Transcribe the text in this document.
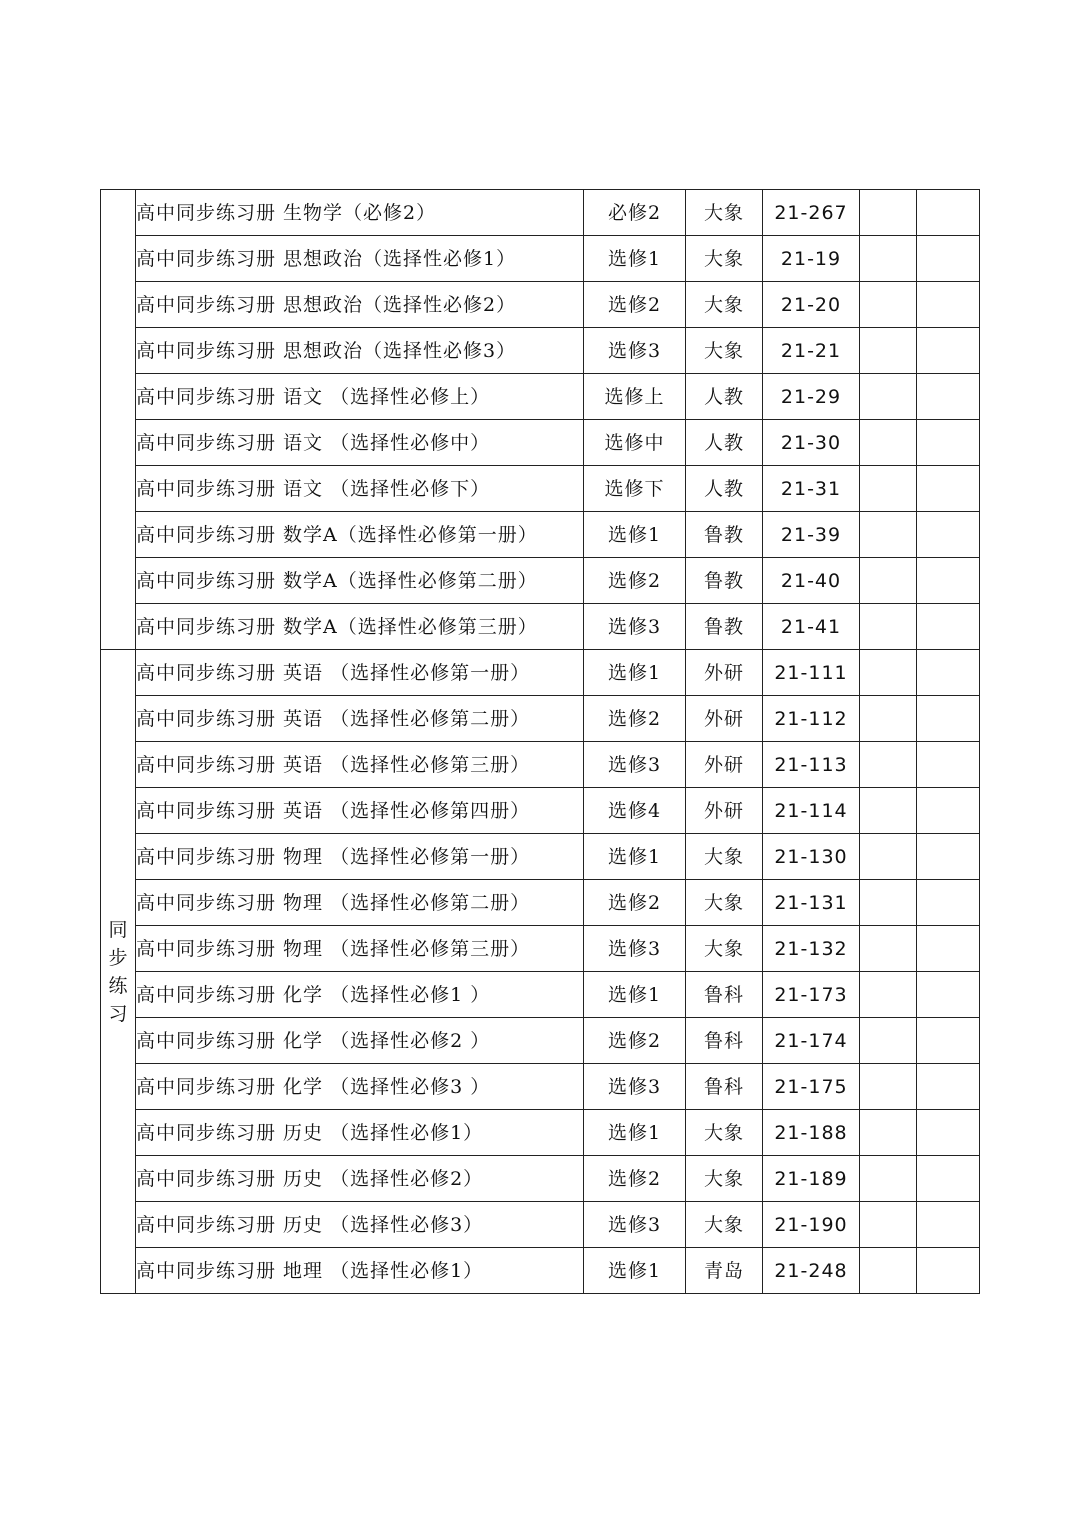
	高中同步练习册 生物学（必修2）	必修2	大象	21-267		
	高中同步练习册 思想政治（选择性必修1）	选修1	大象	21-19		
	高中同步练习册 思想政治（选择性必修2）	选修2	大象	21-20		
	高中同步练习册 思想政治（选择性必修3）	选修3	大象	21-21		
	高中同步练习册 语文 （选择性必修上）	选修上	人教	21-29		
	高中同步练习册 语文 （选择性必修中）	选修中	人教	21-30		
	高中同步练习册 语文 （选择性必修下）	选修下	人教	21-31		
	高中同步练习册 数学A（选择性必修第一册）	选修1	鲁教	21-39		
	高中同步练习册 数学A（选择性必修第二册）	选修2	鲁教	21-40		
	高中同步练习册 数学A（选择性必修第三册）	选修3	鲁教	21-41		
同步练习	高中同步练习册 英语 （选择性必修第一册）	选修1	外研	21-111		
	高中同步练习册 英语 （选择性必修第二册）	选修2	外研	21-112		
	高中同步练习册 英语 （选择性必修第三册）	选修3	外研	21-113		
	高中同步练习册 英语 （选择性必修第四册）	选修4	外研	21-114		
	高中同步练习册 物理 （选择性必修第一册）	选修1	大象	21-130		
	高中同步练习册 物理 （选择性必修第二册）	选修2	大象	21-131		
	高中同步练习册 物理 （选择性必修第三册）	选修3	大象	21-132		
	高中同步练习册 化学 （选择性必修1 ）	选修1	鲁科	21-173		
	高中同步练习册 化学 （选择性必修2 ）	选修2	鲁科	21-174		
	高中同步练习册 化学 （选择性必修3 ）	选修3	鲁科	21-175		
	高中同步练习册 历史 （选择性必修1）	选修1	大象	21-188		
	高中同步练习册 历史 （选择性必修2）	选修2	大象	21-189		
	高中同步练习册 历史 （选择性必修3）	选修3	大象	21-190		
	高中同步练习册 地理 （选择性必修1）	选修1	青岛	21-248		
